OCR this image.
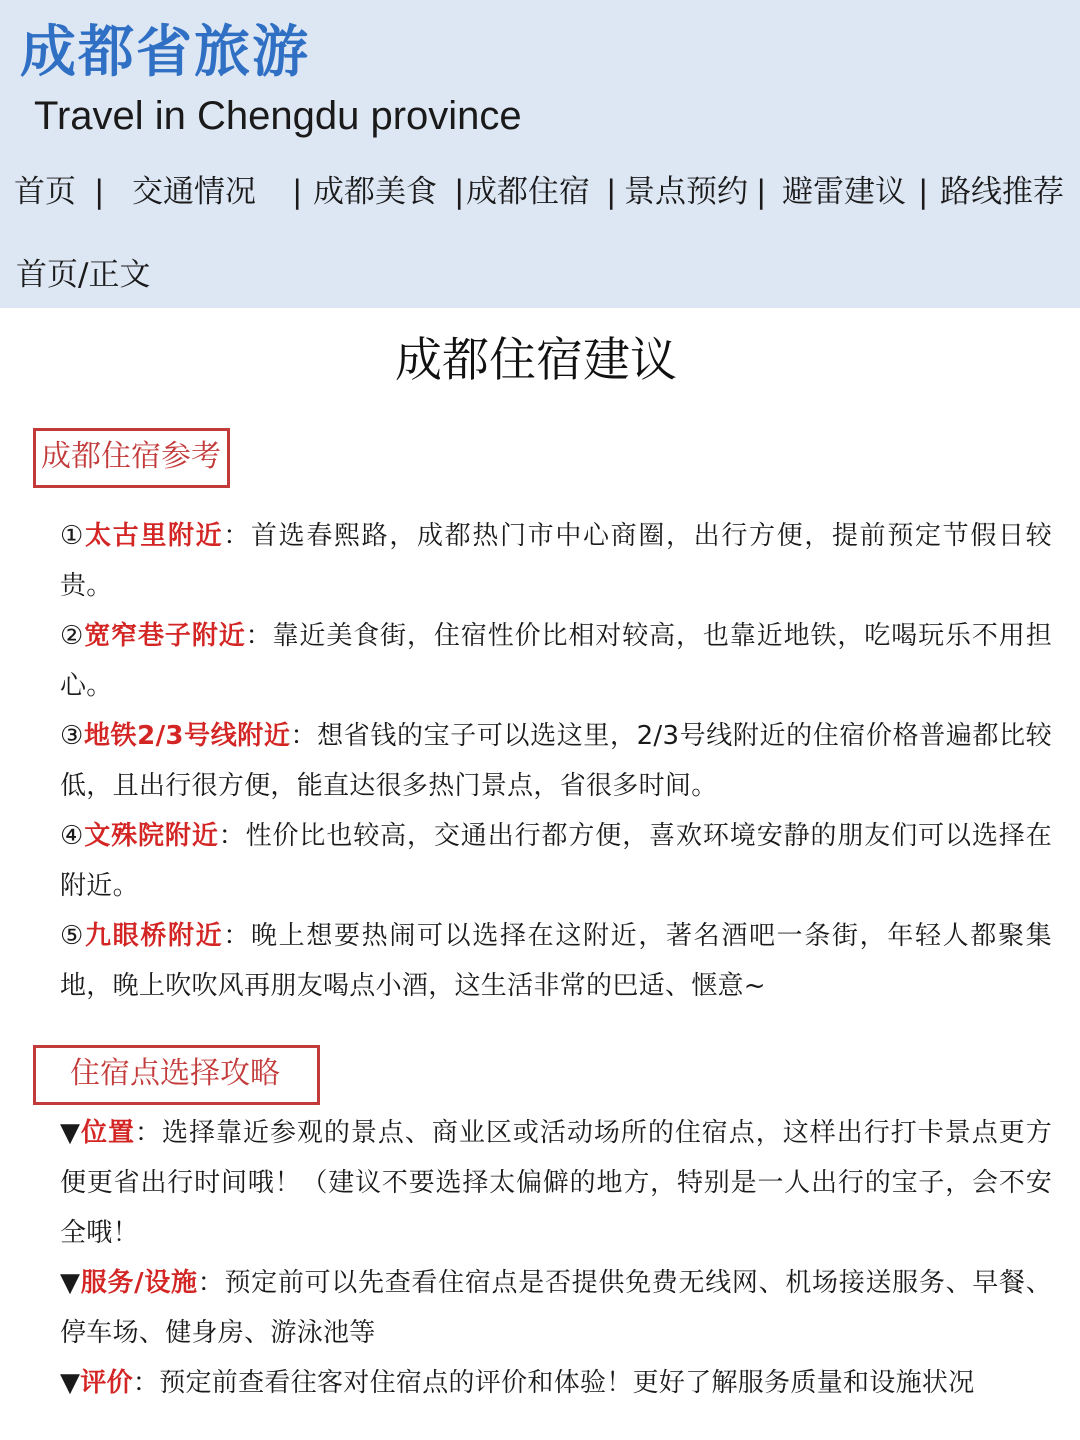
成都省旅游
Travel in Chengdu province
首页 | 交通情况 | 成都美食 | 成都住宿 | 景点预约 | 避雷建议 | 路线推荐
首页/正文
成都住宿建议
成都住宿参考

①太古里附近：首选春熙路，成都热门市中心商圈，出行方便，提前预定节假日较贵。

②宽窄巷子附近：靠近美食街，住宿性价比相对较高，也靠近地铁，吃喝玩乐不用担心。

③地铁2/3号线附近：想省钱的宝子可以选这里，2/3号线附近的住宿价格普遍都比较低，且出行很方便，能直达很多热门景点，省很多时间。

④文殊院附近：性价比也较高，交通出行都方便，喜欢环境安静的朋友们可以选择在附近。

⑤九眼桥附近：晚上想要热闹可以选择在这附近，著名酒吧一条街，年轻人都聚集地，晚上吹吹风再朋友喝点小酒，这生活非常的巴适、惬意~

住宿点选择攻略

▼位置：选择靠近参观的景点、商业区或活动场所的住宿点，这样出行打卡景点更方便更省出行时间哦！（建议不要选择太偏僻的地方，特别是一人出行的宝子，会不安全哦！

▼服务/设施：预定前可以先查看住宿点是否提供免费无线网、机场接送服务、早餐、停车场、健身房、游泳池等

▼评价：预定前查看往客对住宿点的评价和体验！更好了解服务质量和设施状况
